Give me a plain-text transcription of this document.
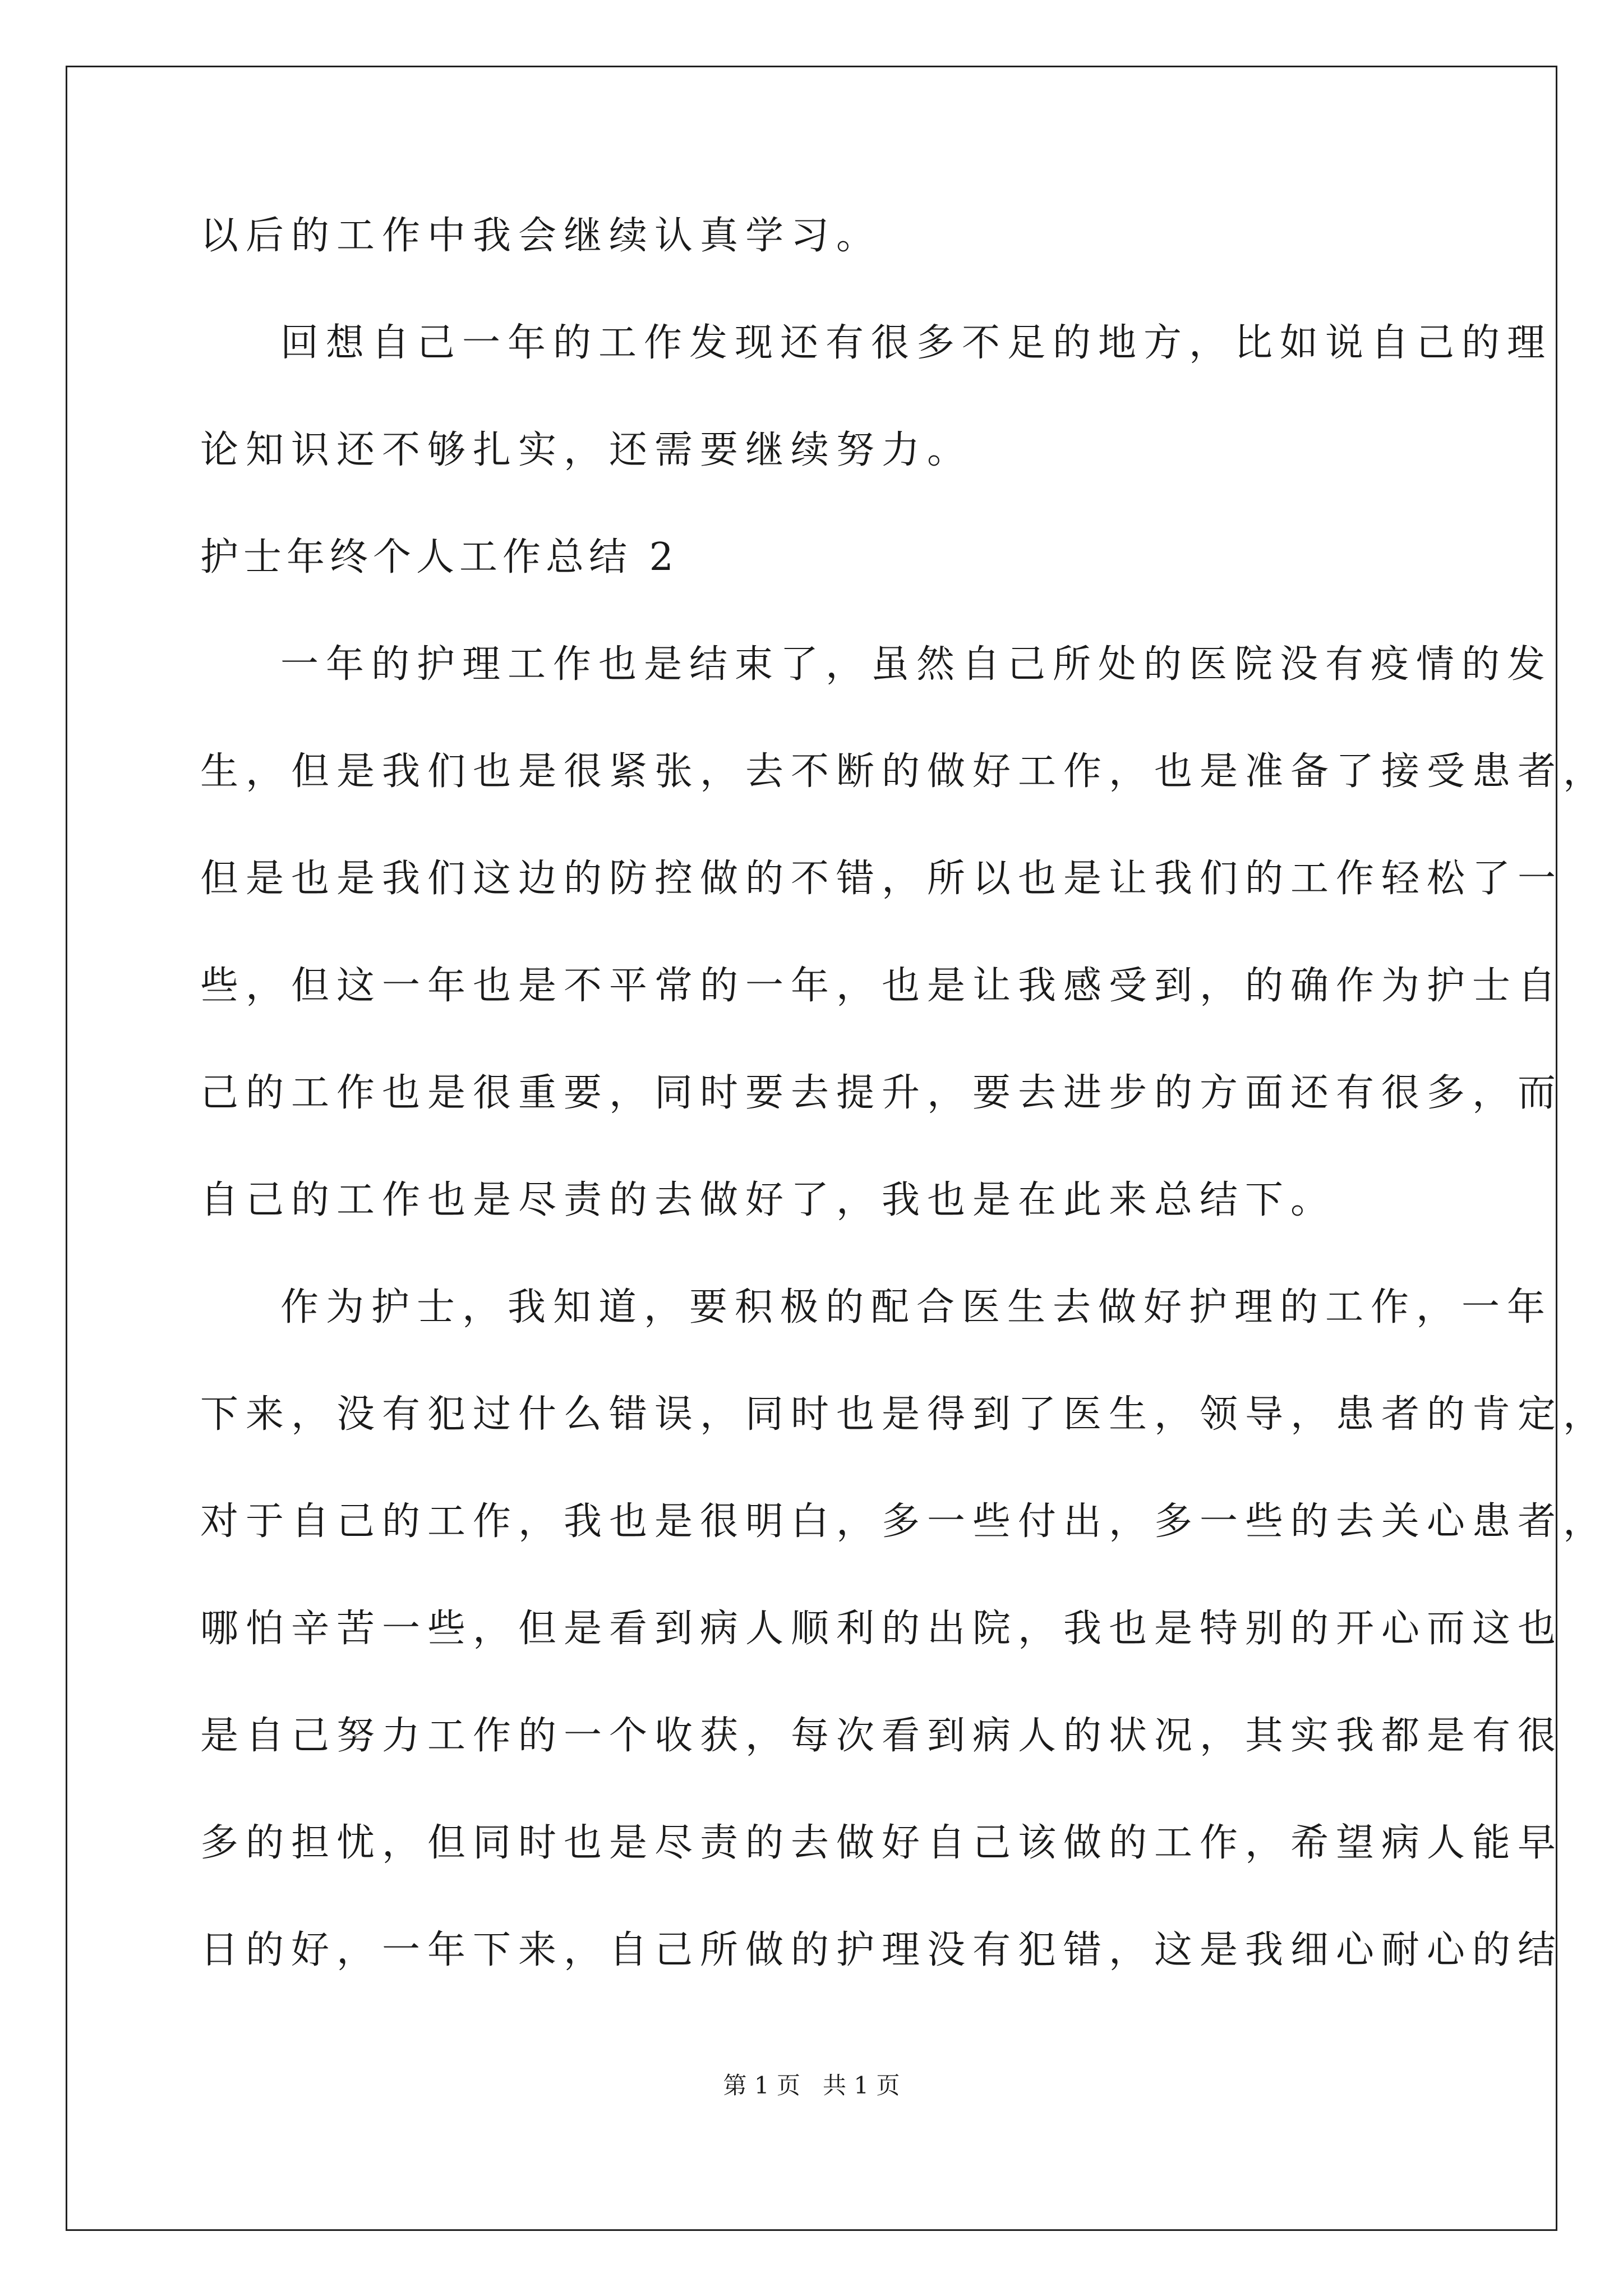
以后的工作中我会继续认真学习。
回想自己一年的工作发现还有很多不足的地方，比如说自己的理
论知识还不够扎实，还需要继续努力。
护士年终个人工作总结 2
一年的护理工作也是结束了，虽然自己所处的医院没有疫情的发
生，但是我们也是很紧张，去不断的做好工作，也是准备了接受患者，
但是也是我们这边的防控做的不错，所以也是让我们的工作轻松了一
些，但这一年也是不平常的一年，也是让我感受到，的确作为护士自
己的工作也是很重要，同时要去提升，要去进步的方面还有很多，而
自己的工作也是尽责的去做好了，我也是在此来总结下。
作为护士，我知道，要积极的配合医生去做好护理的工作，一年
下来，没有犯过什么错误，同时也是得到了医生，领导，患者的肯定，
对于自己的工作，我也是很明白，多一些付出，多一些的去关心患者，
哪怕辛苦一些，但是看到病人顺利的出院，我也是特别的开心而这也
是自己努力工作的一个收获，每次看到病人的状况，其实我都是有很
多的担忧，但同时也是尽责的去做好自己该做的工作，希望病人能早
日的好，一年下来，自己所做的护理没有犯错，这是我细心耐心的结
第 1 页   共 1 页
